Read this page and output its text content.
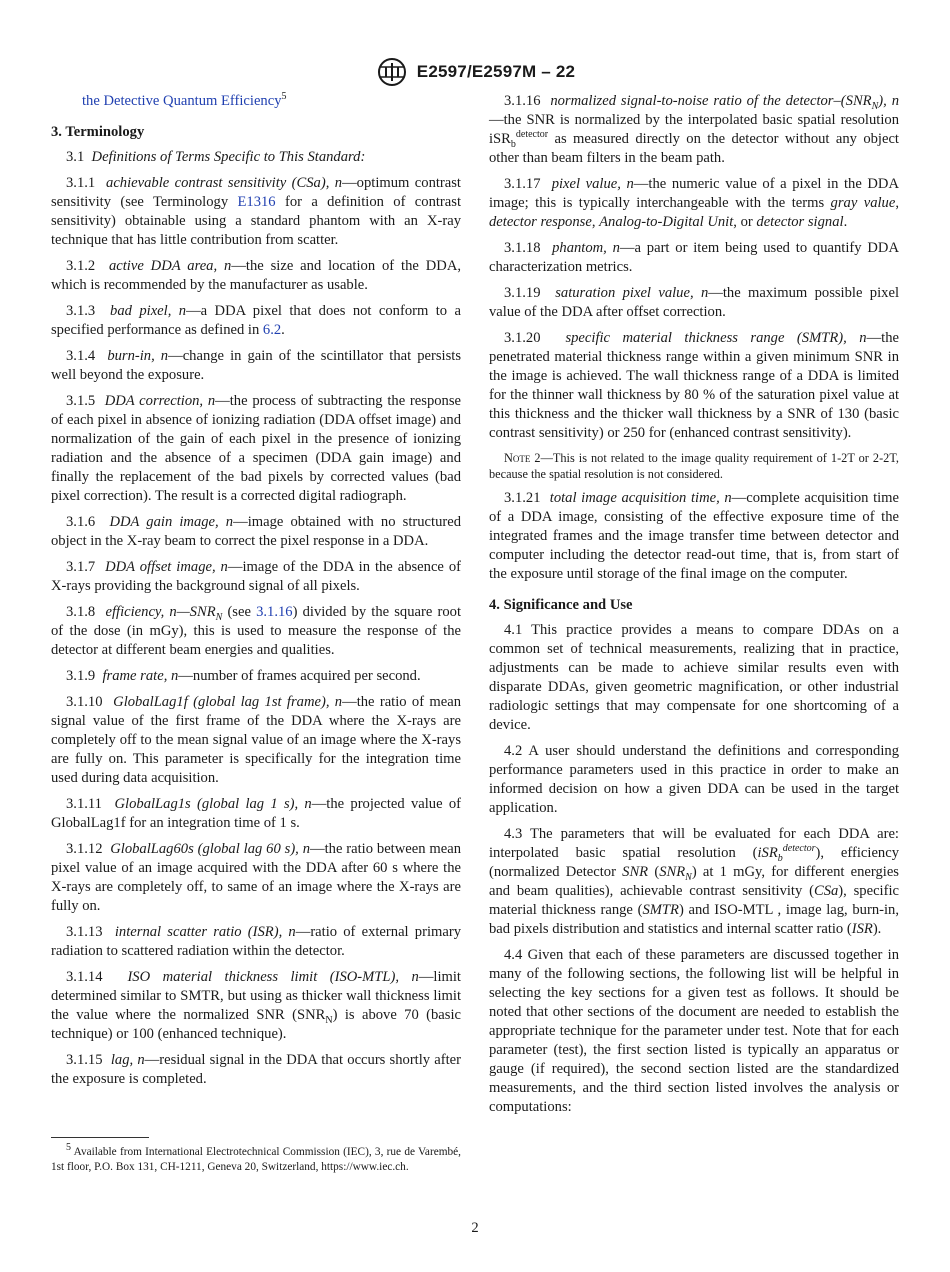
E2597/E2597M – 22

the Detective Quantum Efficiency$^5$

3. Terminology

3.1 Definitions of Terms Specific to This Standard:

3.1.1 achievable contrast sensitivity (CSa), n—optimum contrast sensitivity (see Terminology E1316 for a definition of contrast sensitivity) obtainable using a standard phantom with an X-ray technique that has little contribution from scatter.

3.1.2 active DDA area, n—the size and location of the DDA, which is recommended by the manufacturer as usable.

3.1.3 bad pixel, n—a DDA pixel that does not conform to a specified performance as defined in 6.2.

3.1.4 burn-in, n—change in gain of the scintillator that persists well beyond the exposure.

3.1.5 DDA correction, n—the process of subtracting the response of each pixel in absence of ionizing radiation (DDA offset image) and normalization of the gain of each pixel in the presence of ionizing radiation and the absence of a specimen (DDA gain image) and finally the replacement of the bad pixels by corrected values (bad pixel correction). The result is a corrected digital radiograph.

3.1.6 DDA gain image, n—image obtained with no structured object in the X-ray beam to correct the pixel response in a DDA.

3.1.7 DDA offset image, n—image of the DDA in the absence of X-rays providing the background signal of all pixels.

3.1.8 efficiency, $n—SNR_N$ (see 3.1.16) divided by the square root of the dose (in mGy), this is used to measure the response of the detector at different beam energies and qualities.

3.1.9 frame rate, n—number of frames acquired per second.

3.1.10 GlobalLag1f (global lag 1st frame), n—the ratio of mean signal value of the first frame of the DDA where the X-rays are completely off to the mean signal value of an image where the X-rays are fully on. This parameter is specifically for the integration time used during data acquisition.

3.1.11 GlobalLag1s (global lag 1 s), n—the projected value of GlobalLag1f for an integration time of 1 s.

3.1.12 GlobalLag60s (global lag 60 s), n—the ratio between mean pixel value of an image acquired with the DDA after 60 s where the X-rays are completely off, to same of an image where the X-rays are fully on.

3.1.13 internal scatter ratio (ISR), n—ratio of external primary radiation to scattered radiation within the detector.

3.1.14 ISO material thickness limit (ISO-MTL), n—limit determined similar to SMTR, but using as thicker wall thickness limit the value where the normalized SNR $(SNR_N)$ is above 70 (basic technique) or 100 (enhanced technique).

3.1.15 lag, n—residual signal in the DDA that occurs shortly after the exposure is completed.

3.1.16 normalized signal-to-noise ratio of the detector–$(SNR_N)$, n—the SNR is normalized by the interpolated basic spatial resolution iSR$_b^{detector}$ as measured directly on the detector without any object other than beam filters in the beam path.

3.1.17 pixel value, n—the numeric value of a pixel in the DDA image; this is typically interchangeable with the terms gray value, detector response, Analog-to-Digital Unit, or detector signal.

3.1.18 phantom, n—a part or item being used to quantify DDA characterization metrics.

3.1.19 saturation pixel value, n—the maximum possible pixel value of the DDA after offset correction.

3.1.20 specific material thickness range (SMTR), n—the penetrated material thickness range within a given minimum SNR in the image is achieved. The wall thickness range of a DDA is limited for the thinner wall thickness by 80 % of the saturation pixel value at this thickness and the thicker wall thickness by a SNR of 130 (basic contrast sensitivity) or 250 for (enhanced contrast sensitivity).

Note 2—This is not related to the image quality requirement of 1-2T or 2-2T, because the spatial resolution is not considered.

3.1.21 total image acquisition time, n—complete acquisition time of a DDA image, consisting of the effective exposure time of the integrated frames and the image transfer time between detector and computer including the detector read-out time, that is, from start of the exposure until storage of the final image on the computer.

4. Significance and Use

4.1 This practice provides a means to compare DDAs on a common set of technical measurements, realizing that in practice, adjustments can be made to achieve similar results even with disparate DDAs, given geometric magnification, or other industrial radiologic settings that may compensate for one shortcoming of a device.

4.2 A user should understand the definitions and corresponding performance parameters used in this practice in order to make an informed decision on how a given DDA can be used in the target application.

4.3 The parameters that will be evaluated for each DDA are: interpolated basic spatial resolution (iSR$_b^{detector}$), efficiency (normalized Detector SNR $(SNR_N)$ at 1 mGy, for different energies and beam qualities), achievable contrast sensitivity (CSa), specific material thickness range (SMTR) and ISO-MTL , image lag, burn-in, bad pixels distribution and statistics and internal scatter ratio (ISR).

4.4 Given that each of these parameters are discussed together in many of the following sections, the following list will be helpful in selecting the key sections for a given test as follows. It should be noted that other sections of the document are needed to establish the appropriate technique for the parameter under test. Note that for each parameter (test), the first section listed is typically an apparatus or gauge (if required), the second section listed are the standardized measurements, and the third section listed involves the analysis or computations:

$^5$ Available from International Electrotechnical Commission (IEC), 3, rue de Varembé, 1st floor, P.O. Box 131, CH-1211, Geneva 20, Switzerland, https://www.iec.ch.
2
